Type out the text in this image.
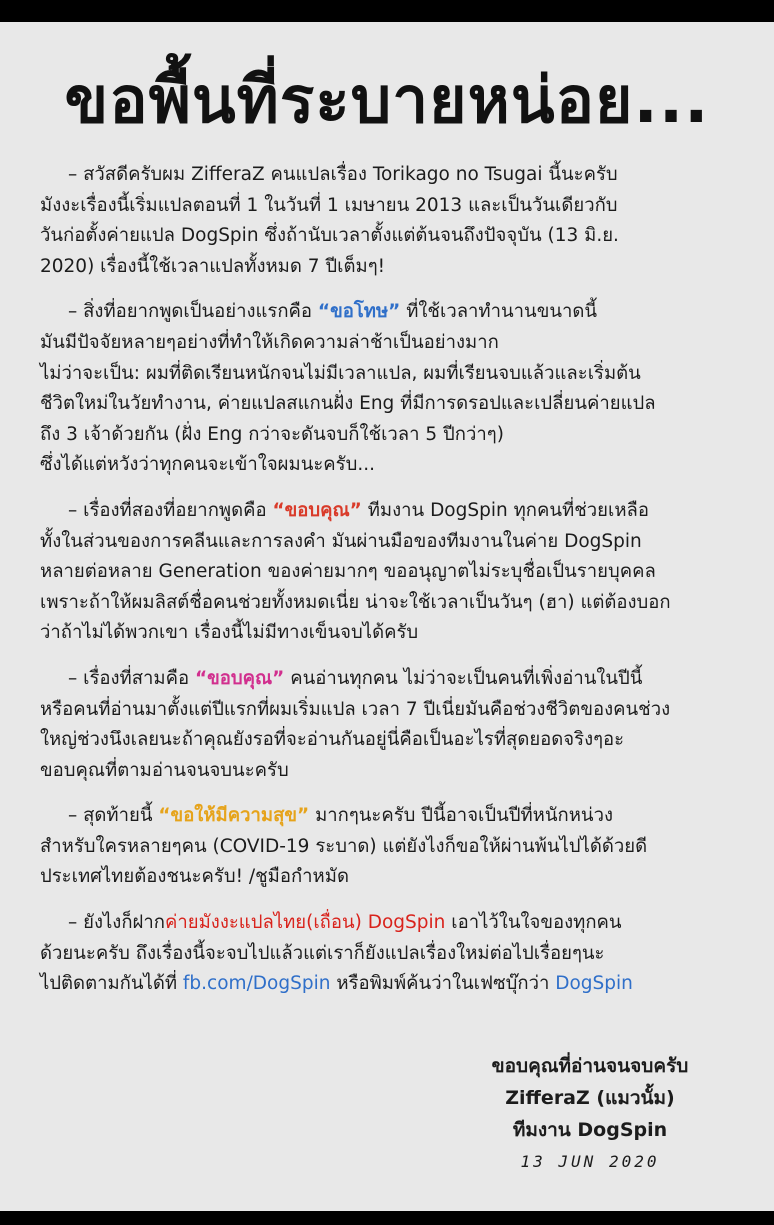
ขอพื้นที่ระบายหน่อย...
– สวัสดีครับผม ZifferaZ คนแปลเรื่อง Torikago no Tsugai นี้นะครับ
มังงะเรื่องนี้เริ่มแปลตอนที่ 1 ในวันที่ 1 เมษายน 2013 และเป็นวันเดียวกับ
วันก่อตั้งค่ายแปล DogSpin ซึ่งถ้านับเวลาตั้งแต่ต้นจนถึงปัจจุบัน (13 มิ.ย.
2020) เรื่องนี้ใช้เวลาแปลทั้งหมด 7 ปีเต็มๆ!
– สิ่งที่อยากพูดเป็นอย่างแรกคือ “ขอโทษ” ที่ใช้เวลาทำนานขนาดนี้
มันมีปัจจัยหลายๆอย่างที่ทำให้เกิดความล่าช้าเป็นอย่างมาก
ไม่ว่าจะเป็น: ผมที่ติดเรียนหนักจนไม่มีเวลาแปล, ผมที่เรียนจบแล้วและเริ่มต้น
ชีวิตใหม่ในวัยทำงาน, ค่ายแปลสแกนฝั่ง Eng ที่มีการดรอปและเปลี่ยนค่ายแปล
ถึง 3 เจ้าด้วยกัน (ฝั่ง Eng กว่าจะดันจบก็ใช้เวลา 5 ปีกว่าๆ)
ซึ่งได้แต่หวังว่าทุกคนจะเข้าใจผมนะครับ...
– เรื่องที่สองที่อยากพูดคือ “ขอบคุณ” ทีมงาน DogSpin ทุกคนที่ช่วยเหลือ
ทั้งในส่วนของการคลีนและการลงคำ มันผ่านมือของทีมงานในค่าย DogSpin
หลายต่อหลาย Generation ของค่ายมากๆ ขออนุญาตไม่ระบุชื่อเป็นรายบุคคล
เพราะถ้าให้ผมลิสต์ชื่อคนช่วยทั้งหมดเนี่ย น่าจะใช้เวลาเป็นวันๆ (ฮา) แต่ต้องบอก
ว่าถ้าไม่ได้พวกเขา เรื่องนี้ไม่มีทางเข็นจบได้ครับ
– เรื่องที่สามคือ “ขอบคุณ” คนอ่านทุกคน ไม่ว่าจะเป็นคนที่เพิ่งอ่านในปีนี้
หรือคนที่อ่านมาตั้งแต่ปีแรกที่ผมเริ่มแปล เวลา 7 ปีเนี่ยมันคือช่วงชีวิตของคนช่วง
ใหญ่ช่วงนึงเลยนะถ้าคุณยังรอที่จะอ่านกันอยู่นี่คือเป็นอะไรที่สุดยอดจริงๆอะ
ขอบคุณที่ตามอ่านจนจบนะครับ
– สุดท้ายนี้ “ขอให้มีความสุข” มากๆนะครับ ปีนี้อาจเป็นปีที่หนักหน่วง
สำหรับใครหลายๆคน (COVID-19 ระบาด) แต่ยังไงก็ขอให้ผ่านพ้นไปได้ด้วยดี
ประเทศไทยต้องชนะครับ! /ชูมือกำหมัด
– ยังไงก็ฝากค่ายมังงะแปลไทย(เถื่อน) DogSpin เอาไว้ในใจของทุกคน
ด้วยนะครับ ถึงเรื่องนี้จะจบไปแล้วแต่เราก็ยังแปลเรื่องใหม่ต่อไปเรื่อยๆนะ
ไปติดตามกันได้ที่ fb.com/DogSpin หรือพิมพ์ค้นว่าในเฟซบุ๊กว่า DogSpin
ขอบคุณที่อ่านจนจบครับ
ZifferaZ (แมวนั้ม)
ทีมงาน DogSpin
13 JUN 2020
